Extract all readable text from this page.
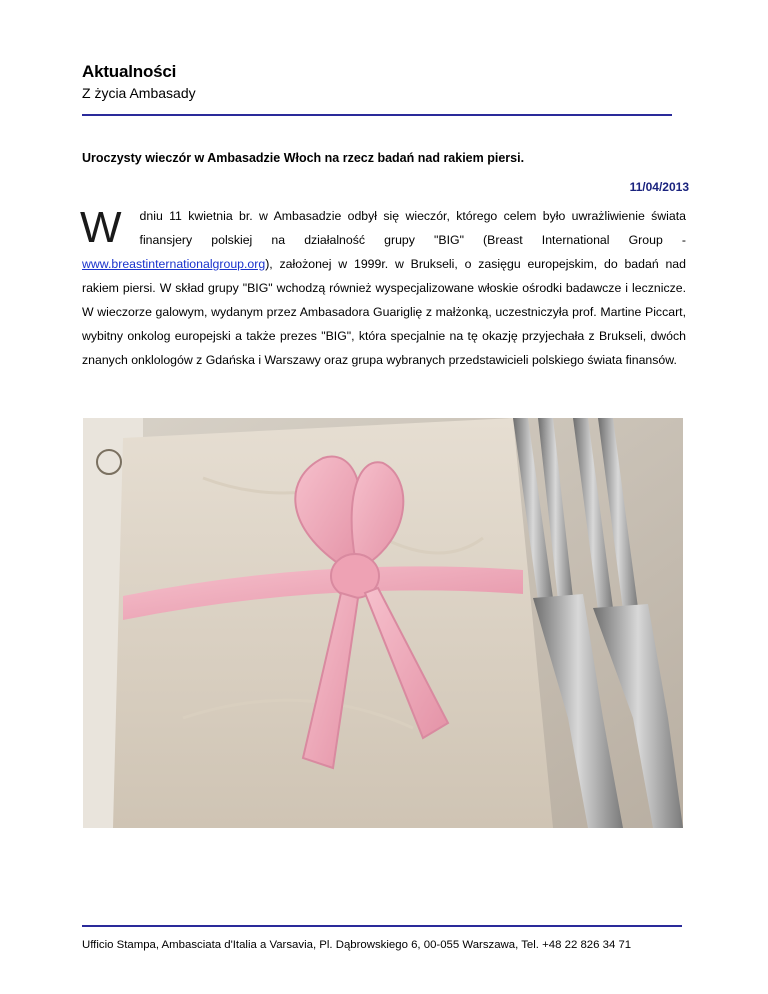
Aktualności
Z życia Ambasady
Uroczysty wieczór w Ambasadzie Włoch na rzecz badań nad rakiem piersi.
11/04/2013
W dniu 11 kwietnia br. w Ambasadzie odbył się wieczór, którego celem było uwrażliwienie świata finansjery polskiej na działalność grupy "BIG" (Breast International Group - www.breastinternationalgroup.org), założonej w 1999r. w Brukseli, o zasięgu europejskim, do badań nad rakiem piersi. W skład grupy "BIG" wchodzą również wyspecjalizowane włoskie ośrodki badawcze i lecznicze. W wieczorze galowym, wydanym przez Ambasadora Guariglię z małżonką, uczestniczyła prof. Martine Piccart, wybitny onkolog europejski a także prezes "BIG", która specjalnie na tę okazję przyjechała z Brukseli, dwóch znanych onklologów z Gdańska i Warszawy oraz grupa wybranych przedstawicieli polskiego świata finansów.
Ufficio Stampa, Ambasciata d'Italia a Varsavia, Pl. Dąbrowskiego 6, 00-055 Warszawa, Tel. +48 22 826 34 71
